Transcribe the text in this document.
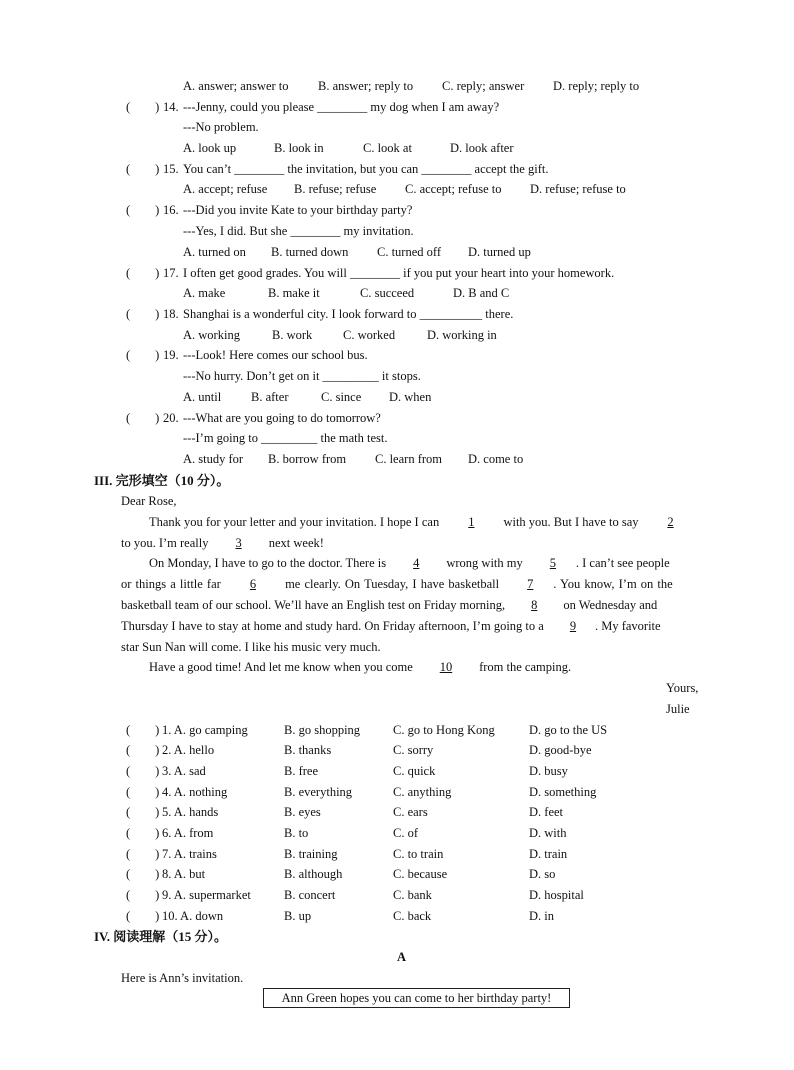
A. answer; answer to B. answer; reply to C. reply; answer D. reply; reply to
(　　) 14. ---Jenny, could you please ________ my dog when I am away?
---No problem.
A. look up	B. look in	C. look at	D. look after
(　　) 15. You can’t ________ the invitation, but you can ________ accept the gift.
A. accept; refuse B. refuse; refuse C. accept; refuse to D. refuse; refuse to
(　　) 16. ---Did you invite Kate to your birthday party?
---Yes, I did. But she ________ my invitation.
A. turned on B. turned down C. turned off D. turned up
(　　) 17. I often get good grades. You will ________ if you put your heart into your homework.
A. make	B. make it	C. succeed	D. B and C
(　　) 18. Shanghai is a wonderful city. I look forward to __________ there.
A. working	B. work C. worked	D. working in
(　　) 19. ---Look! Here comes our school bus.
---No hurry. Don’t get on it _________ it stops.
A. until B. after	C. since D. when
(　　) 20. ---What are you going to do tomorrow?
---I’m going to _________ the math test.
A. study for B. borrow from C. learn from D. come to
III. 完形填空（10 分）。
Dear Rose,
Thank you for your letter and your invitation. I hope I can 1 with you. But I have to say 2
to you. I’m really 3 next week!
On Monday, I have to go to the doctor. There is 4 wrong with my 5 . I can’t see people
or things a little far 6 me clearly. On Tuesday, I have basketball 7 . You know, I’m on the
basketball team of our school. We’ll have an English test on Friday morning, 8 on Wednesday and
Thursday I have to stay at home and study hard. On Friday afternoon, I’m going to a 9 . My favorite
star Sun Nan will come. I like his music very much.
Have a good time! And let me know when you come 10 from the camping.
Yours,
Julie
(　　) 1. A. go camping	B. go shopping	C. go to Hong Kong	D. go to the US
(　　) 2. A. hello	B. thanks	C. sorry	D. good-bye
(　　) 3. A. sad	B. free	C. quick	D. busy
(　　) 4. A. nothing	B. everything	C. anything	D. something
(　　) 5. A. hands	B. eyes	C. ears	D. feet
(　　) 6. A. from	B. to	C. of	D. with
(　　) 7. A. trains	B. training	C. to train	D. train
(　　) 8. A. but	B. although	C. because	D. so
(　　) 9. A. supermarket	B. concert	C. bank	D. hospital
(　　) 10. A. down	B. up	C. back	D. in
IV. 阅读理解（15 分）。
A
Here is Ann’s invitation.
Ann Green hopes you can come to her birthday party!
